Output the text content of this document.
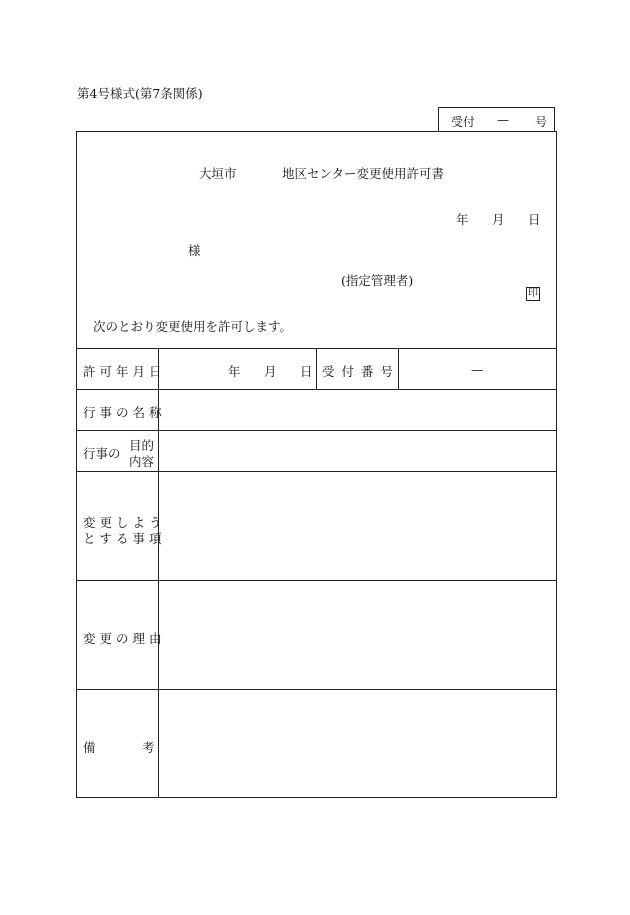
第4号様式(第7条関係)
受付 — 号
大垣市	地区センター変更使用許可書
年 月 日
様
(指定管理者)
印
次のとおり変更使用を許可します。
許可年月日	年 月 日 受付番号	—
行事の名称
行事の
目的
内容
変更しよう
とする事項
変更の理由
備	考
